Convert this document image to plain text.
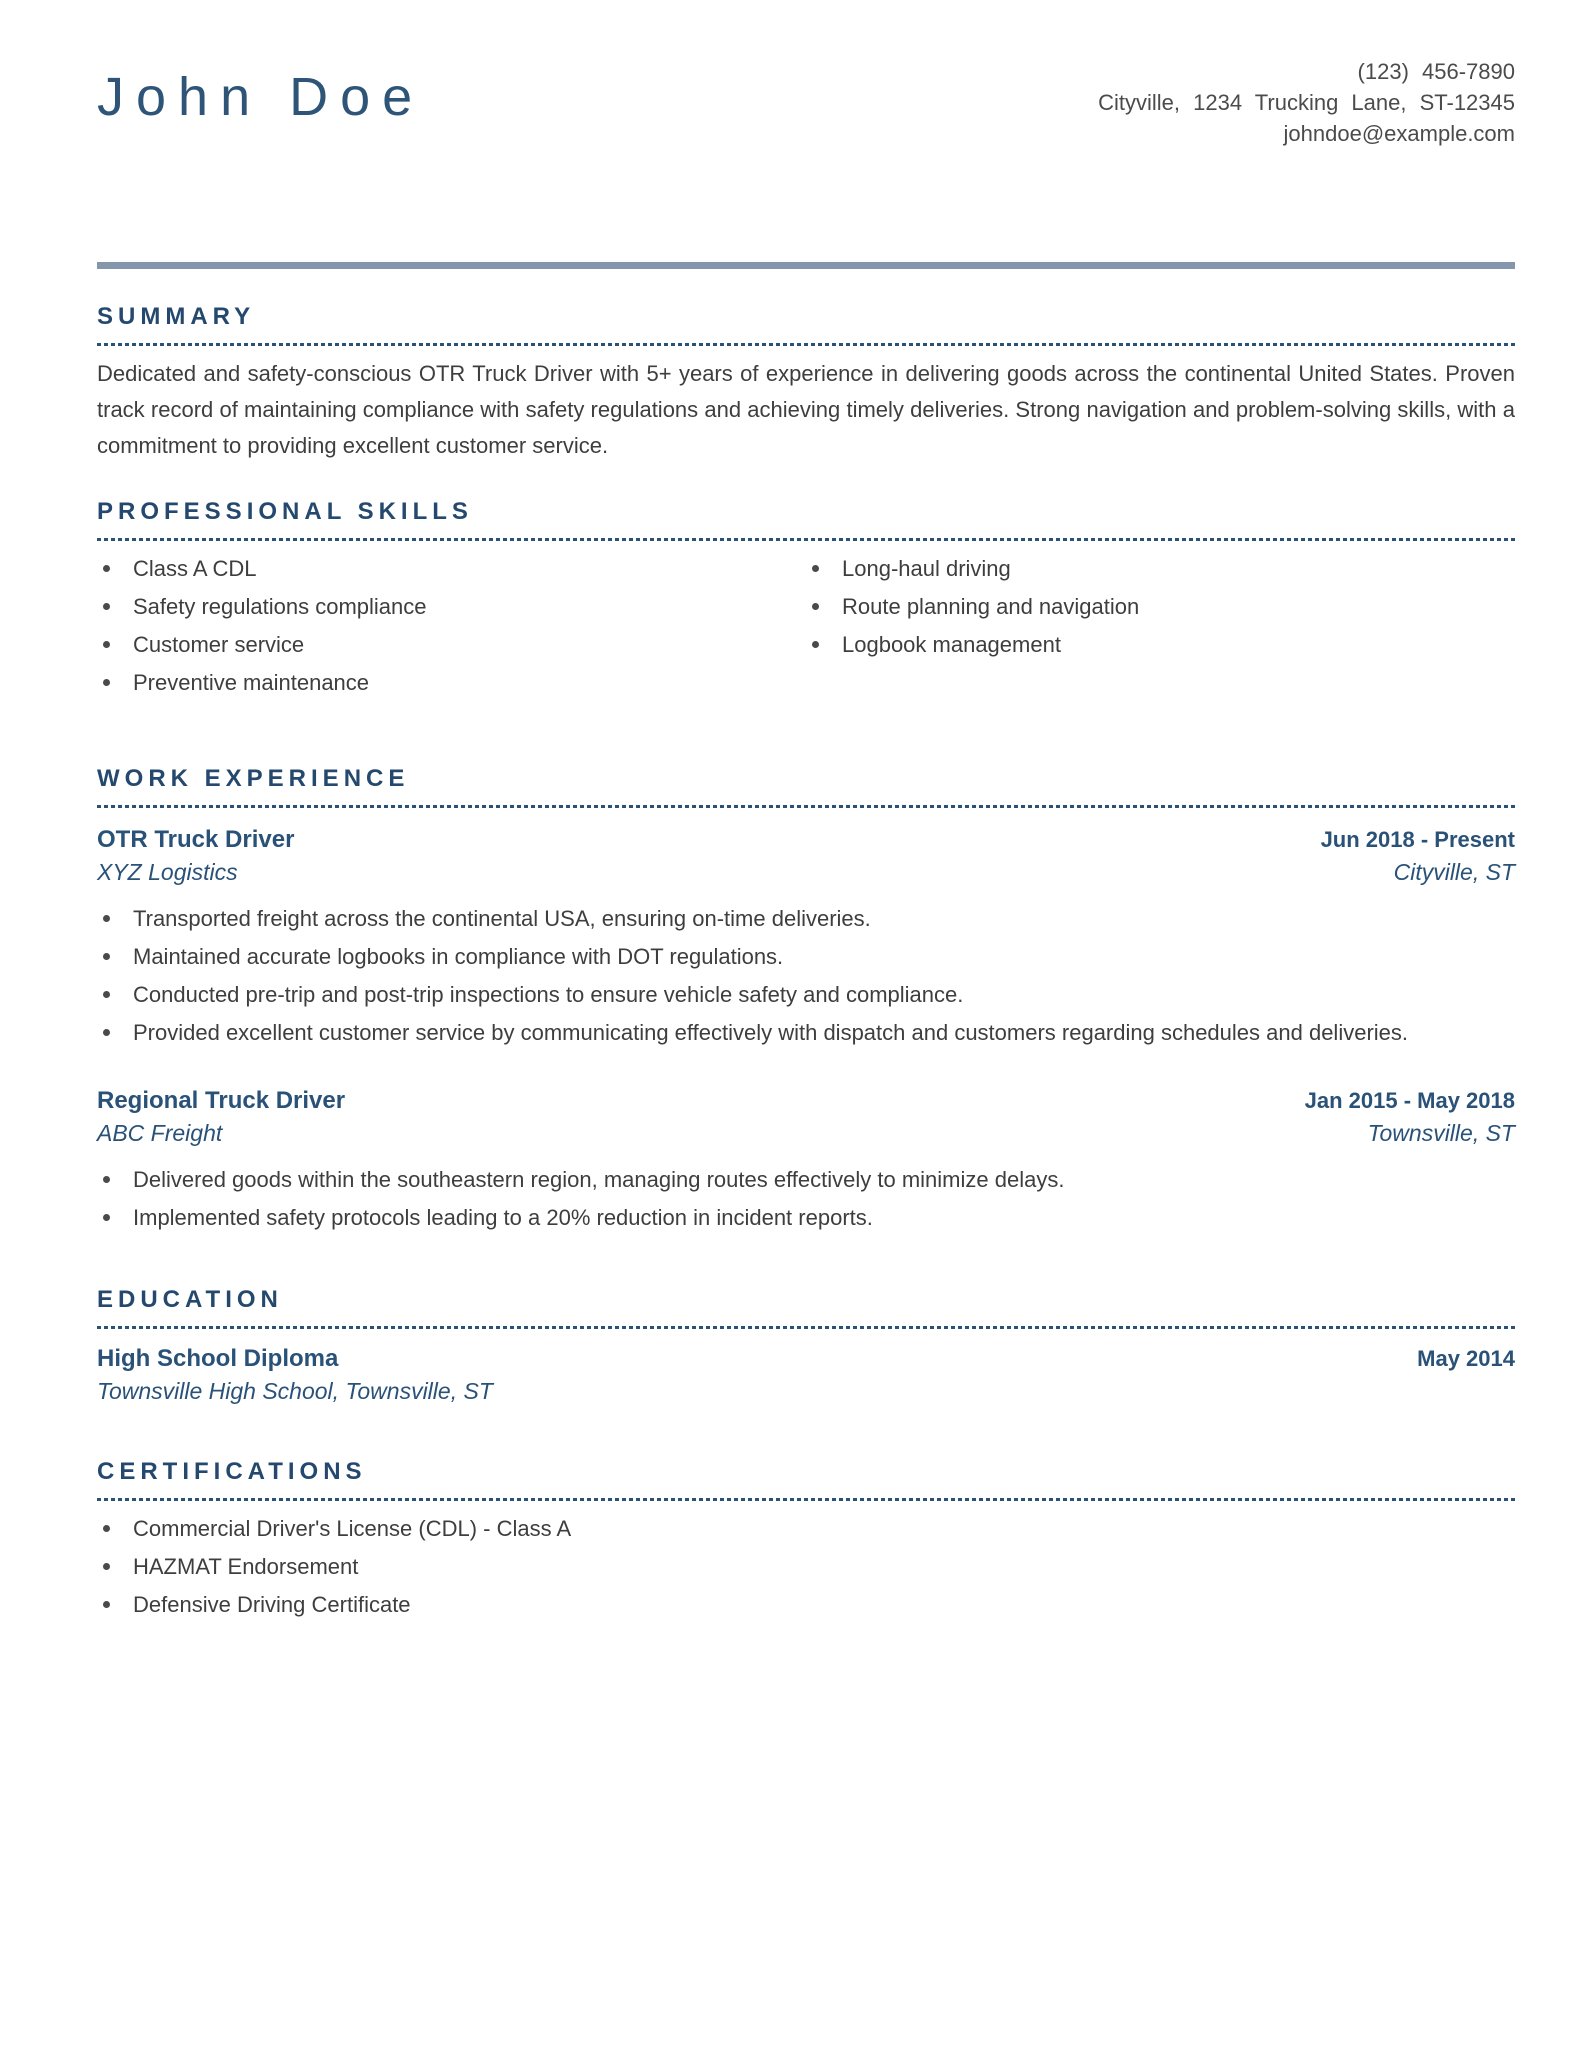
John Doe	(123) 456-7890
Cityville, 1234 Trucking Lane, ST-12345
johndoe@example.com
SUMMARY

Dedicated and safety-conscious OTR Truck Driver with 5+ years of experience in delivering goods across the continental United States. Proven track record of maintaining compliance with safety regulations and achieving timely deliveries. Strong navigation and problem-solving skills, with a commitment to providing excellent customer service.

PROFESSIONAL SKILLS
Class A CDL
Safety regulations compliance
Customer service
Preventive maintenance
Long-haul driving
Route planning and navigation
Logbook management
WORK EXPERIENCE
OTR Truck Driver	Jun 2018 - Present
XYZ Logistics	Cityville, ST
Transported freight across the continental USA, ensuring on-time deliveries.
Maintained accurate logbooks in compliance with DOT regulations.
Conducted pre-trip and post-trip inspections to ensure vehicle safety and compliance.
Provided excellent customer service by communicating effectively with dispatch and customers regarding schedules and deliveries.
Regional Truck Driver	Jan 2015 - May 2018
ABC Freight	Townsville, ST
Delivered goods within the southeastern region, managing routes effectively to minimize delays.
Implemented safety protocols leading to a 20% reduction in incident reports.
EDUCATION
High School Diploma	May 2014
Townsville High School, Townsville, ST
CERTIFICATIONS
Commercial Driver's License (CDL) - Class A
HAZMAT Endorsement
Defensive Driving Certificate
